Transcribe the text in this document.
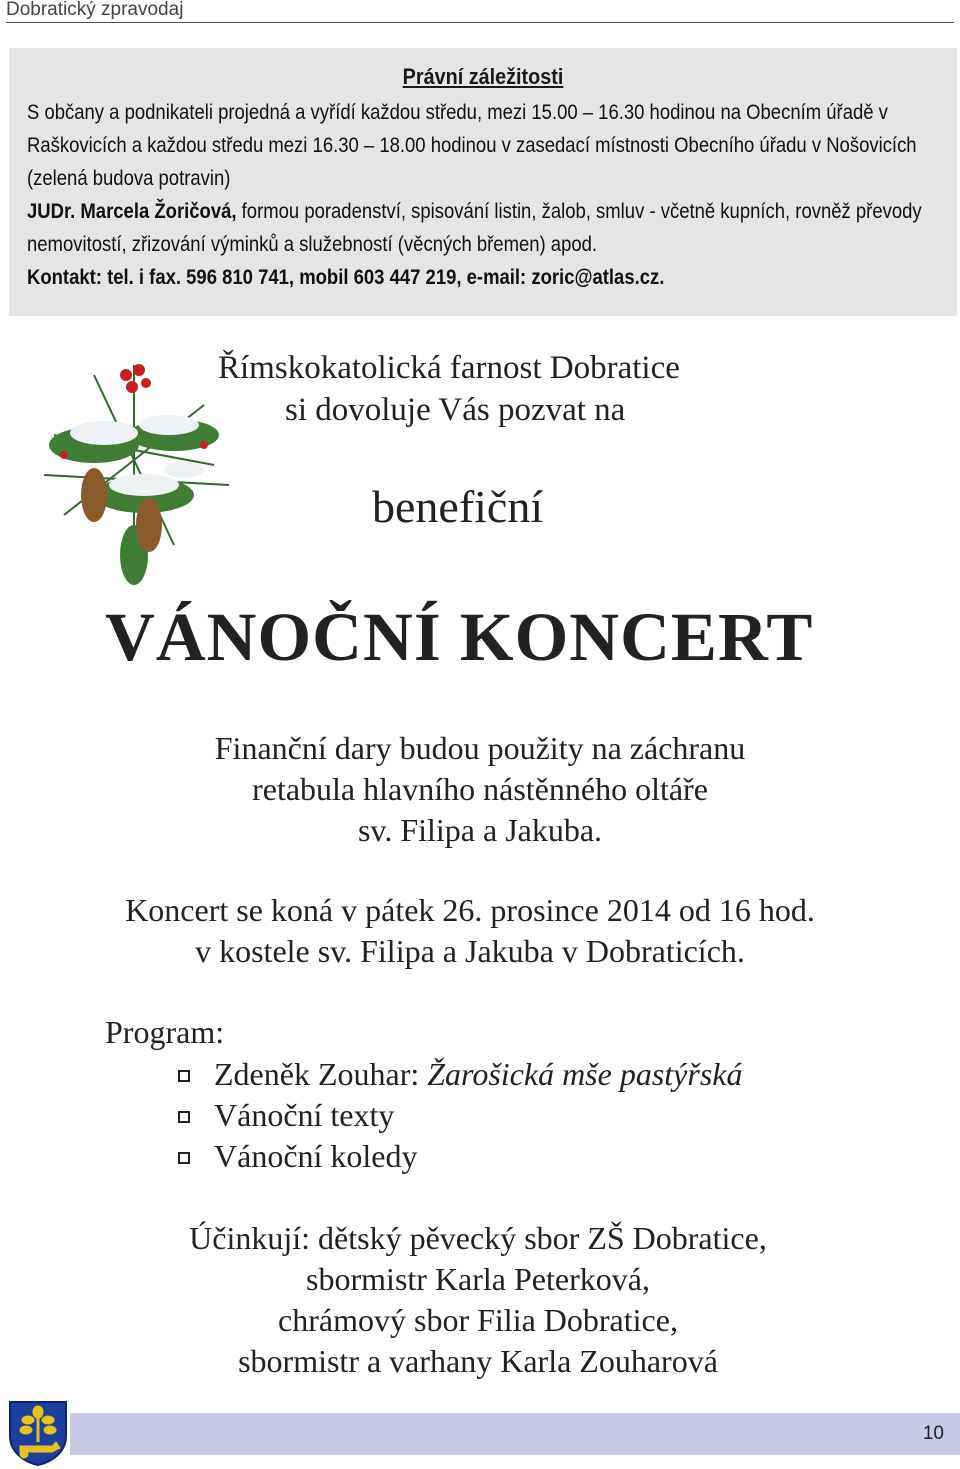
Dobratický zpravodaj
Právní záležitosti

S občany a podnikateli projedná a vyřídí každou středu, mezi 15.00 – 16.30 hodinou na Obecním úřadě v

Raškovicích a každou středu mezi 16.30 – 18.00 hodinou v zasedací místnosti Obecního úřadu v Nošovicích

(zelená budova potravin)

JUDr. Marcela Žoričová, formou poradenství, spisování listin, žalob, smluv - včetně kupních, rovněž převody

nemovitostí, zřizování výminků a služebností (věcných břemen) apod.

Kontakt: tel. i fax. 596 810 741, mobil 603 447 219, e-mail: zoric@atlas.cz.

Římskokatolická farnost Dobratice
si dovoluje Vás pozvat na
benefiční
VÁNOČNÍ KONCERT

Finanční dary budou použity na záchranu

retabula hlavního nástěnného oltáře

sv. Filipa a Jakuba.

Koncert se koná v pátek 26. prosince 2014 od 16 hod.

v kostele sv. Filipa a Jakuba v Dobraticích.

Program:
Zdeněk Zouhar: Žarošická mše pastýřská
Vánoční texty
Vánoční koledy

Účinkují: dětský pěvecký sbor ZŠ Dobratice,

sbormistr Karla Peterková,

chrámový sbor Filia Dobratice,

sbormistr a varhany Karla Zouharová

10
